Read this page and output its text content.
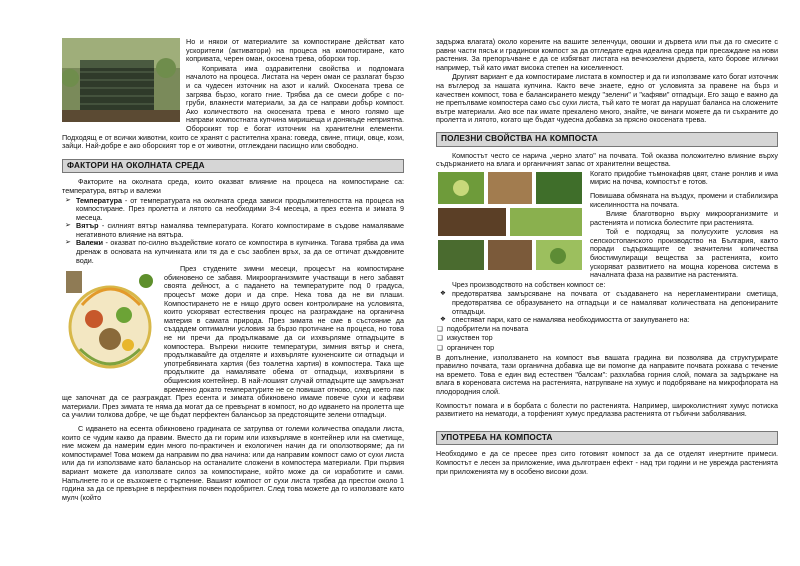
Но и някои от материалите за компостиране действат като ускорители (активатори) на процеса на компостиране, като копривата, черен оман, окосена трева, оборски тор.

Копривата има оздравителни свойства и подпомага началото на процеса. Листата на черен оман се разлагат бързо и са чудесен източник на азот и калий. Окосената трева се загрява бързо, когато гние. Трябва да се смеси добре с по-груби, влакнести материали, за да се направи добър компост. Ако количеството на окосената трева е много голямо ще направи компостната купчина миришеща и донякъде неприятна. Оборският тор е богат източник на хранителни елементи. Подходящ е от всички животни, които се хранят с растителна храна: говеда, свине, птици, овце, кози, зайци. Най-добре е ако оборският тор е от животни, отглеждани пасищно или свободно.

ФАКТОРИ НА ОКОЛНАТА СРЕДА

Факторите на околната среда, които оказват влияние на процеса на компостиране са: температура, вятър и валежи

➢ Температура - от температурата на околната среда зависи продължителността на процеса на компостиране. През пролетта и лятото са необходими 3-4 месеца, а през есента и зимата 9 месеца.
➢ Вятър - силният вятър намалява температурата. Когато компостираме в съдове намаляваме негативното влияние на вятъра.
➢ Валежи - оказват по-силно въздействие когато се компостира в купчинка. Тогава трябва да има дренаж в основата на купчинката или тя да е със заоблен връх, за да се оттичат дъждовните води.

През студените зимни месеци, процесът на компостиране обикновено се забавя. Микроорганизмите участващи в него забавят своята дейност, а с падането на температурите под 0 градуса, процесът може дори и да спре. Нека това да не ви плаши. Компостирането не е нищо друго освен контролиране на условията, които ускоряват естествения процес на разграждане на органична материя в самата природа. През зимата не сме в състояние да създадем оптимални условия за бързо протичане на процеса, но това не ни пречи да продължаваме да си изхвърляме отпадъците в компостера. Въпреки ниските температури, зимния вятър и снега, продължавайте да отделяте и изхвърляте кухненските си отпадъци и употребявината хартия (без тоалетна хартия) в компостера. Така ще продължите да намалявате обема от отпадъци, изхвърляни в общинския контейнер. В най-лошият случай отпадъците ще замръзнат временно докато температурите не се повишат отново, след което пак ще започнат да се разграждат. През есента и зимата обикновено имаме повече сухи и кафяви материали. През зимата те няма да могат да се превърнат в компост, но до идването на пролетта ще са училии толкова добре, че ще бъдат перфектен балансьор за предстоящите зелени отпадъци.

С идването на есента обикновено градината се затрупва от големи количества опадали листа, които се чудим какво да правим. Вместо да ги горим или изхвърляме в контейнер или на сметище, ние можем да намерим един много по-практичен и екологичен начин да ги оползотворяме; да ги компостираме! Това можем да направим по два начина: или да направим компост само от сухи листа или да ги използваме като балансьор на останалите сложени в компостера материали. При първия вариант можете да използвате силоз за компостиране, който може да си изработите и сами. Напълнете го и се възхожете с търпение. Вашият компост от сухи листа трябва да престои около 1 година за да се превърне в перфектния почвен подобрител. След това можете да го използвате като мулч (който

задържа влагата) около корените на вашите зеленчуци, овошки и дървета или пък да го смесите с равни части пясък и градински компост за да отгледате една идеална среда при пресаждане на нови растения. За препоръчване е да се избягват листата на вечнозелени дървета, като борове иглички например, тъй като имат висока степен на киселинност.

Другият вариант е да компостираме листата в компостер и да ги използваме като богат източник на въглерод за нашата купчина. Както вече знаете, едно от условията за правене на бърз и качествен компост, това е балансирането между "зелени" и "кафяви" отпадъци. Его защо е важно да не препълваме компостера само със сухи листа, тъй като те могат да нарушат баланса на сложените вътре материали. Ако все пак имате прекалено много, знайте, че винаги можете да ги съхраните до пролетта и лятото, когато ще бъдат чудесна добавка за прясно окосената трева.

ПОЛЕЗНИ СВОЙСТВА НА КОМПОСТА

Компостът често се нарича „черно злато" на почвата. Той оказва положително влияние върху съдържанието на влага и органичният запас от хранителни вещества.

Когато придобие тъмнокафяв цвят, стане ронлив и има мирис на почва, компостът е готов.

Повишава обмяната на въздух, промени и стабилизира киселинността на почвата.

Влияе благотворно върху микроорганизмите и растенията и потиска болестите при растенията.

Той е подходящ за полусухите условия на селскостопанското производство на България, както поради съдържащите се значителни количества биостимулиращи вещества за растенията, които ускоряват развитието на мощна коренова система в началната фаза на развитие на растенията.

Чрез производството на собствен компост се:

❖ предотвратява замърсяване на почвата от създаването на нерегламентирани сметища, предотвратява се образуването на отпадъци и се намаляват количествата на депонираните отпадъци.
❖ спестяват пари, като се намалява необходимостта от закупуването на:
❑ подобрители на почвата
❑ изкуствен тор
❑ органичен тор

В допълнение, използването на компост във вашата градина ви позволява да структурирате правилно почвата, тази органична добавка ще ви помогне да направите почвата рохкава с течение на времето. Това е един вид естествен "балсам": разхлабва горния слой, помага за задържане на влага в кореновата система на растенията, натрупване на хумус и подобряване на микрофлората на плодородния слой.

Компостът помага и в борбата с болести по растенията. Например, широколистният хумус потиска развитието на нематоди, а торфеният хумус предлазва растенията от гъбични заболявания.

УПОТРЕБА НА КОМПОСТА

Необходимо е да се пресее през сито готовият компост за да се отделят инертните примеси. Компостът е лесен за приложение, има дълготраен ефект - над три години и не уврежда растенията при приложенията му в особено високи дози.
